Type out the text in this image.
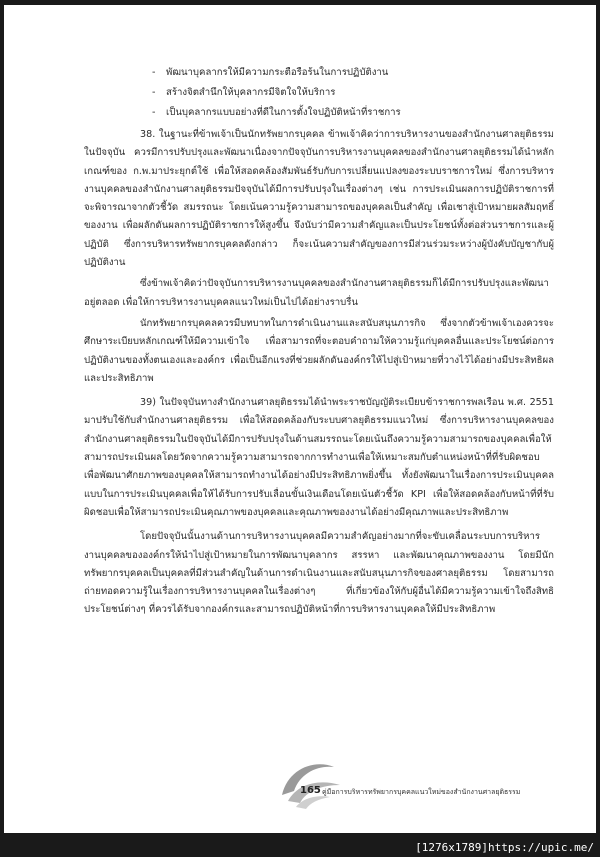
-	พัฒนาบุคลากรให้มีความกระตือรือร้นในการปฏิบัติงาน
-	สร้างจิตสำนึกให้บุคลากรมีจิตใจให้บริการ
-	เป็นบุคลากรแบบอย่างที่ดีในการตั้งใจปฏิบัติหน้าที่ราชการ

38. ในฐานะที่ข้าพเจ้าเป็นนักทรัพยากรบุคคล ข้าพเจ้าคิดว่าการบริหารงานของสำนักงานศาลยุติธรรมในปัจจุบัน ควรมีการปรับปรุงและพัฒนาเนื่องจากปัจจุบันการบริหารงานบุคคลของสำนักงานศาลยุติธรรมได้นำหลักเกณฑ์ของ ก.พ.มาประยุกต์ใช้ เพื่อให้สอดคล้องสัมพันธ์รับกับการเปลี่ยนแปลงของระบบราชการใหม่ ซึ่งการบริหารงานบุคคลของสำนักงานศาลยุติธรรมปัจจุบันได้มีการปรับปรุงในเรื่องต่างๆ เช่น การประเมินผลการปฏิบัติราชการที่จะพิจารณาจากตัวชี้วัด สมรรถนะ โดยเน้นความรู้ความสามารถของบุคคลเป็นสำคัญ เพื่อเชาสู่เป้าหมายผลสัมฤทธิ์ของงาน เพื่อผลักดันผลการปฏิบัติราชการให้สูงขึ้น จึงนับว่ามีความสำคัญและเป็นประโยชน์ทั้งต่อส่วนราชการและผู้ปฏิบัติ ซึ่งการบริหารทรัพยากรบุคคลดังกล่าว ก็จะเน้นความสำคัญของการมีส่วนร่วมระหว่างผู้บังคับบัญชากับผู้ปฏิบัติงาน

ซึ่งข้าพเจ้าคิดว่าปัจจุบันการบริหารงานบุคคลของสำนักงานศาลยุติธรรมก็ได้มีการปรับปรุงและพัฒนาอยู่ตลอด เพื่อให้การบริหารงานบุคคลแนวใหม่เป็นไปได้อย่างราบรื่น

นักทรัพยากรบุคคลควรมีบทบาทในการดำเนินงานและสนับสนุนภารกิจ ซึ่งจากตัวข้าพเจ้าเองควรจะศึกษาระเบียบหลักเกณฑ์ให้มีความเข้าใจ เพื่อสามารถที่จะตอบคำถามให้ความรู้แก่บุคคลอื่นและประโยชน์ต่อการปฏิบัติงานของทั้งตนเองและองค์กร เพื่อเป็นอีกแรงที่ช่วยผลักดันองค์กรให้ไปสู่เป้าหมายที่วางไว้ได้อย่างมีประสิทธิผลและประสิทธิภาพ

39) ในปัจจุบันทางสำนักงานศาลยุติธรรมได้นำพระราชบัญญัติระเบียบข้าราชการพลเรือน พ.ศ. 2551 มาปรับใช้กับสำนักงานศาลยุติธรรม เพื่อให้สอดคล้องกับระบบศาลยุติธรรมแนวใหม่ ซึ่งการบริหารงานบุคคลของสำนักงานศาลยุติธรรมในปัจจุบันได้มีการปรับปรุงในด้านสมรรถนะโดยเน้นถึงความรู้ความสามารถของบุคคลเพื่อให้สามารถประเมินผลโดยวัดจากความรู้ความสามารถจากการทำงานเพื่อให้เหมาะสมกับตำแหน่งหน้าที่ที่รับผิดชอบเพื่อพัฒนาศักยภาพของบุคคลให้สามารถทำงานได้อย่างมีประสิทธิภาพยิ่งขึ้น ทั้งยังพัฒนาในเรื่องการประเมินบุคคลแบบในการประเมินบุคคลเพื่อให้ได้รับการปรับเลื่อนขั้นเงินเดือนโดยเน้นตัวชี้วัด KPI เพื่อให้สอดคล้องกับหน้าที่ที่รับผิดชอบเพื่อให้สามารถประเมินคุณภาพของบุคคลและคุณภาพของงานได้อย่างมีคุณภาพและประสิทธิภาพ

โดยปัจจุบันนั้นงานด้านการบริหารงานบุคคลมีความสำคัญอย่างมากที่จะขับเคลื่อนระบบการบริหารงานบุคคลขององค์กรให้นำไปสู่เป้าหมายในการพัฒนาบุคลากร สรรหา และพัฒนาคุณภาพของงาน โดยมีนักทรัพยากรบุคคลเป็นบุคคลที่มีส่วนสำคัญในด้านการดำเนินงานและสนับสนุนภารกิจของศาลยุติธรรม โดยสามารถถ่ายทอดความรู้ในเรื่องการบริหารงานบุคคลในเรื่องต่างๆ ที่เกี่ยวข้องให้กับผู้อื่นได้มีความรู้ความเข้าใจถึงสิทธิประโยชน์ต่างๆ ที่ควรได้รับจากองค์กรและสามารถปฏิบัติหน้าที่การบริหารงานบุคคลให้มีประสิทธิภาพ

165 คู่มือการบริหารทรัพยากรบุคคลแนวใหม่ของสำนักงานศาลยุติธรรม
[1276x1789]https://upic.me/
